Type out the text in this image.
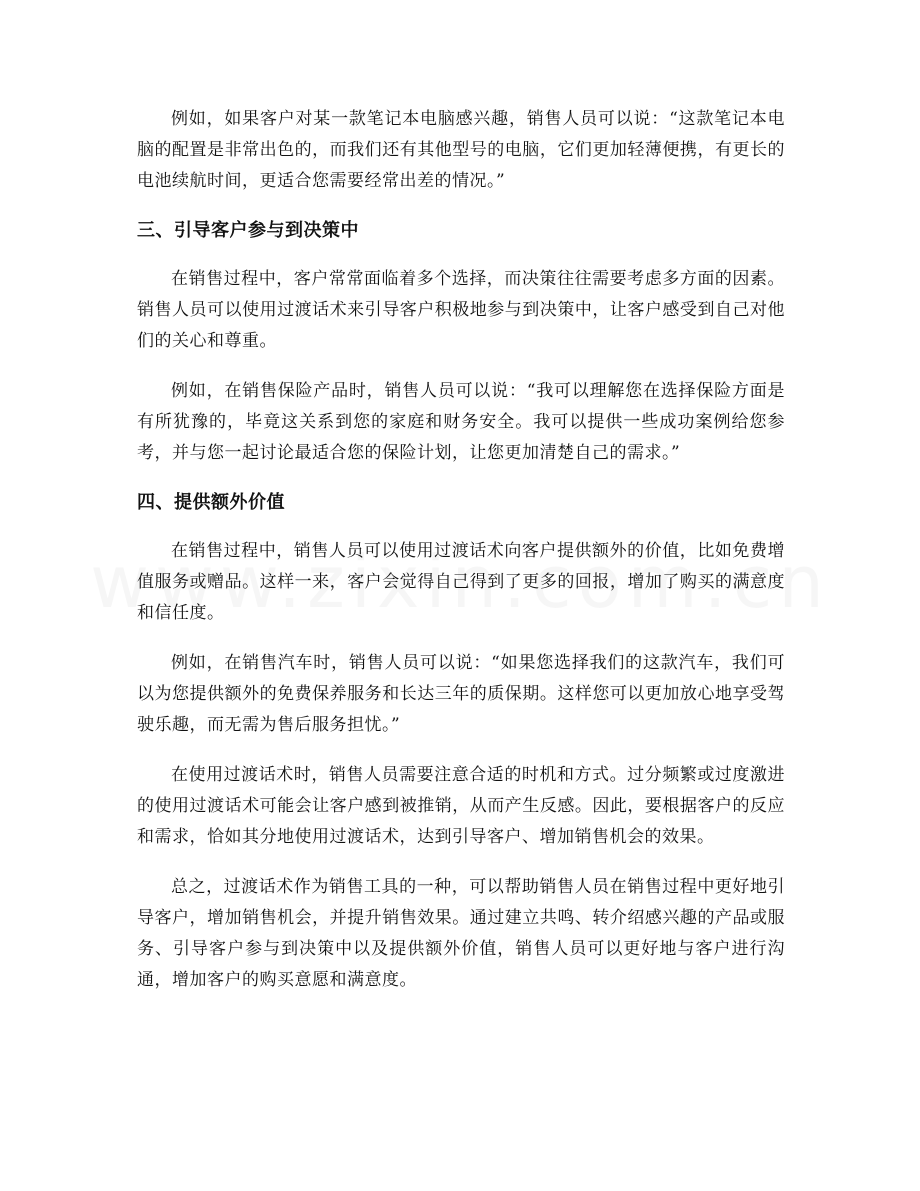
例如，如果客户对某一款笔记本电脑感兴趣，销售人员可以说：“这款笔记本电脑的配置是非常出色的，而我们还有其他型号的电脑，它们更加轻薄便携，有更长的电池续航时间，更适合您需要经常出差的情况。”

三、引导客户参与到决策中

在销售过程中，客户常常面临着多个选择，而决策往往需要考虑多方面的因素。销售人员可以使用过渡话术来引导客户积极地参与到决策中，让客户感受到自己对他们的关心和尊重。

例如，在销售保险产品时，销售人员可以说：“我可以理解您在选择保险方面是有所犹豫的，毕竟这关系到您的家庭和财务安全。我可以提供一些成功案例给您参考，并与您一起讨论最适合您的保险计划，让您更加清楚自己的需求。”

四、提供额外价值

在销售过程中，销售人员可以使用过渡话术向客户提供额外的价值，比如免费增值服务或赠品。这样一来，客户会觉得自己得到了更多的回报，增加了购买的满意度和信任度。

例如，在销售汽车时，销售人员可以说：“如果您选择我们的这款汽车，我们可以为您提供额外的免费保养服务和长达三年的质保期。这样您可以更加放心地享受驾驶乐趣，而无需为售后服务担忧。”

在使用过渡话术时，销售人员需要注意合适的时机和方式。过分频繁或过度激进的使用过渡话术可能会让客户感到被推销，从而产生反感。因此，要根据客户的反应和需求，恰如其分地使用过渡话术，达到引导客户、增加销售机会的效果。

总之，过渡话术作为销售工具的一种，可以帮助销售人员在销售过程中更好地引导客户，增加销售机会，并提升销售效果。通过建立共鸣、转介绍感兴趣的产品或服务、引导客户参与到决策中以及提供额外价值，销售人员可以更好地与客户进行沟通，增加客户的购买意愿和满意度。
